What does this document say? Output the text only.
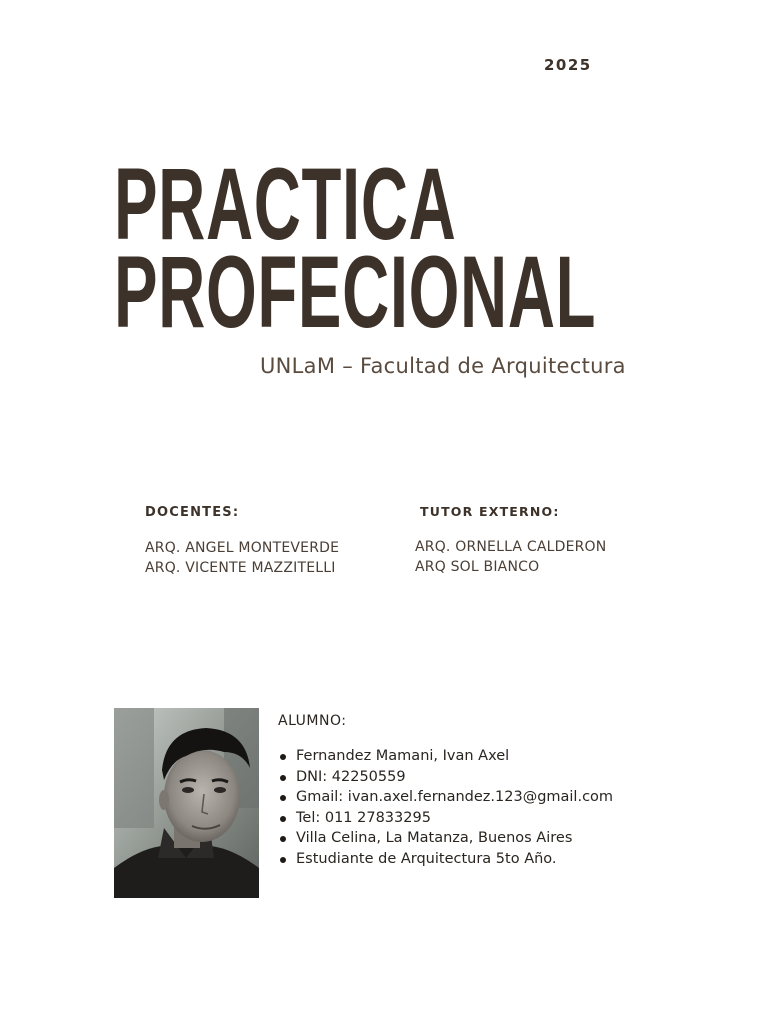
2025
PRACTICA
PROFECIONAL
UNLaM – Facultad de Arquitectura
DOCENTES:
ARQ. ANGEL MONTEVERDE
ARQ. VICENTE MAZZITELLI
TUTOR EXTERNO:
ARQ. ORNELLA CALDERON
ARQ SOL BIANCO
ALUMNO:
Fernandez Mamani, Ivan Axel
DNI: 42250559
Gmail: ivan.axel.fernandez.123@gmail.com
Tel: 011 27833295
Villa Celina, La Matanza, Buenos Aires
Estudiante de Arquitectura 5to Año.
